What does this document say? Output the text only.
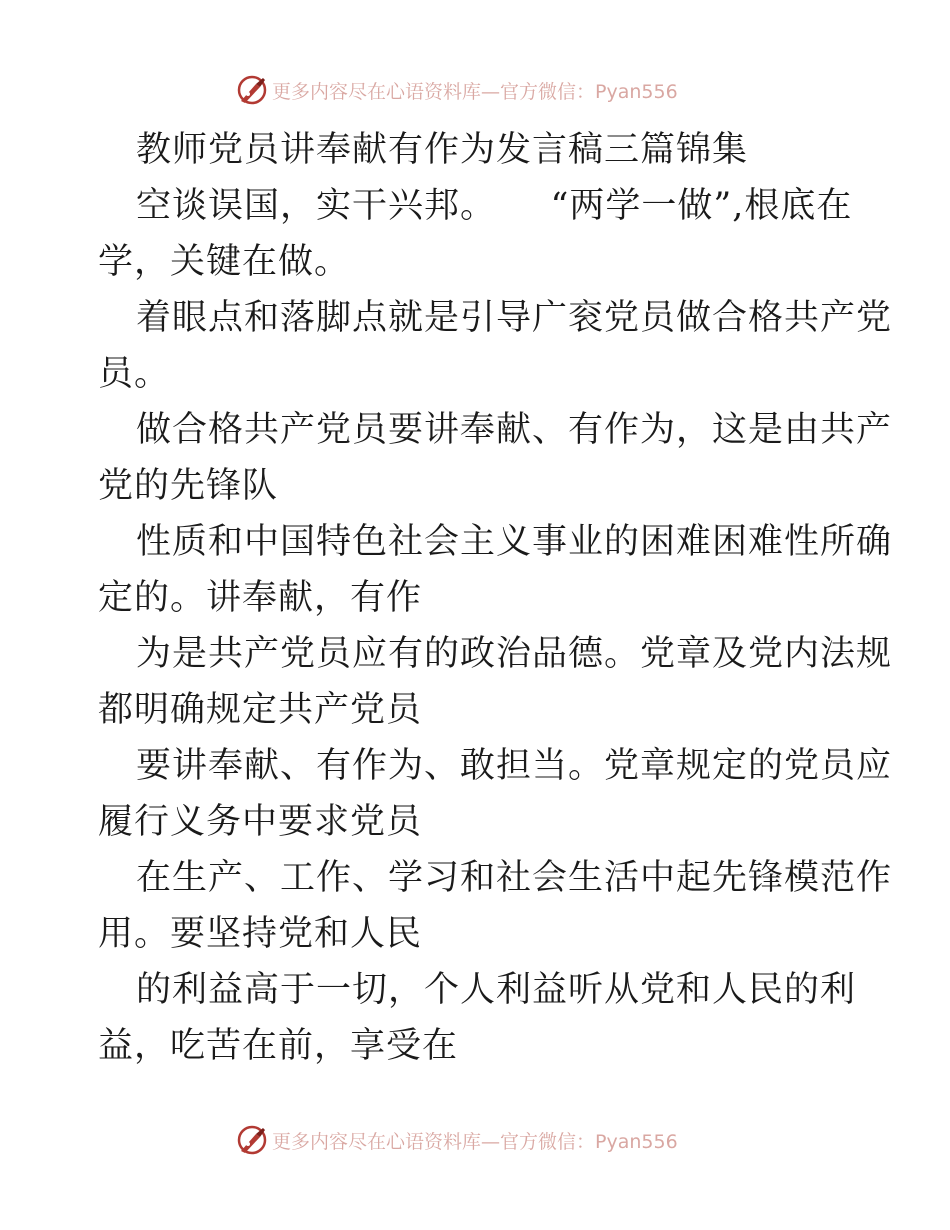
更多内容尽在心语资料库—官方微信：Pyan556
教师党员讲奉献有作为发言稿三篇锦集
空谈误国，实干兴邦。　　“两学一做”,根底在
学，关键在做。
着眼点和落脚点就是引导广衮党员做合格共产党
员。
做合格共产党员要讲奉献、有作为，这是由共产
党的先锋队
性质和中国特色社会主义事业的困难困难性所确
定的。讲奉献，有作
为是共产党员应有的政治品德。党章及党内法规
都明确规定共产党员
要讲奉献、有作为、敢担当。党章规定的党员应
履行义务中要求党员
在生产、工作、学习和社会生活中起先锋模范作
用。要坚持党和人民
的利益高于一切，个人利益听从党和人民的利
益，吃苦在前，享受在
更多内容尽在心语资料库—官方微信：Pyan556
